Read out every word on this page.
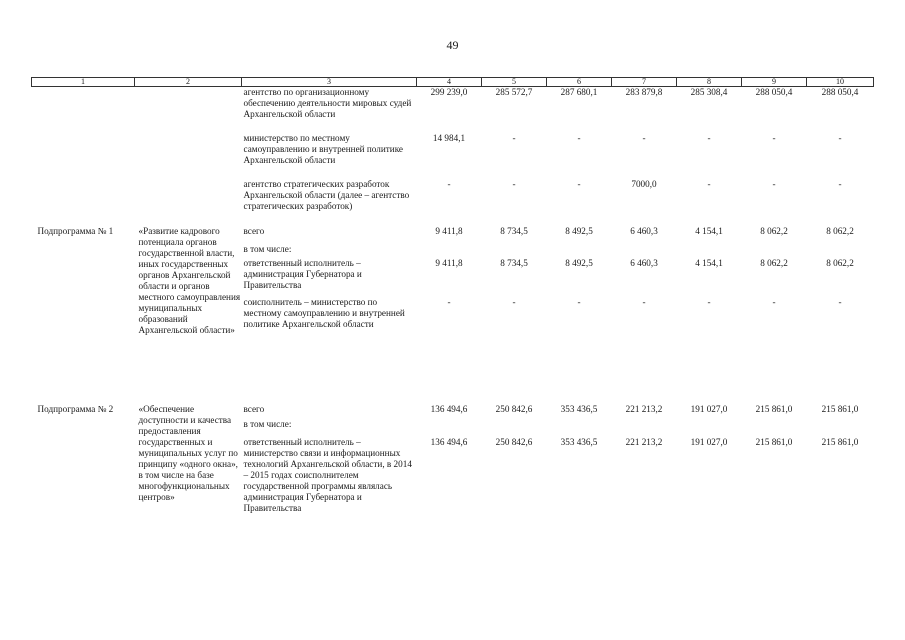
49
1	2	3	4	5	6	7	8	9	10
		агентство по организационному обеспечению деятельности мировых судей Архангельской области	299 239,0	285 572,7	287 680,1	283 879,8	285 308,4	288 050,4	288 050,4

		министерство по местному самоуправлению и внутренней политике Архангельской области	14 984,1	-	-	-	-	-	-

		агентство стратегических разработок Архангельской области (далее – агентство стратегических разработок)	-	-	-	7000,0	-	-	-

Подпрограмма № 1	«Развитие кадрового потенциала органов государственной власти, иных государственных органов Архангельской области и органов местного самоуправления муниципальных образований Архангельской области»	всего	9 411,8	8 734,5	8 492,5	6 460,3	4 154,1	8 062,2	8 062,2
		в том числе:							
		ответственный исполнитель – администрация Губернатора и Правительства	9 411,8	8 734,5	8 492,5	6 460,3	4 154,1	8 062,2	8 062,2
		соисполнитель – министерство по местному самоуправлению и внутренней политике Архангельской области	-	-	-	-	-	-	-

Подпрограмма № 2	«Обеспечение доступности и качества предоставления государственных и муниципальных услуг по принципу «одного окна», в том числе на базе многофункциональных центров»	всего	136 494,6	250 842,6	353 436,5	221 213,2	191 027,0	215 861,0	215 861,0
		в том числе:							
		ответственный исполнитель – министерство связи и информационных технологий Архангельской области, в 2014 – 2015 годах соисполнителем государственной программы являлась администрация Губернатора и Правительства	136 494,6	250 842,6	353 436,5	221 213,2	191 027,0	215 861,0	215 861,0
